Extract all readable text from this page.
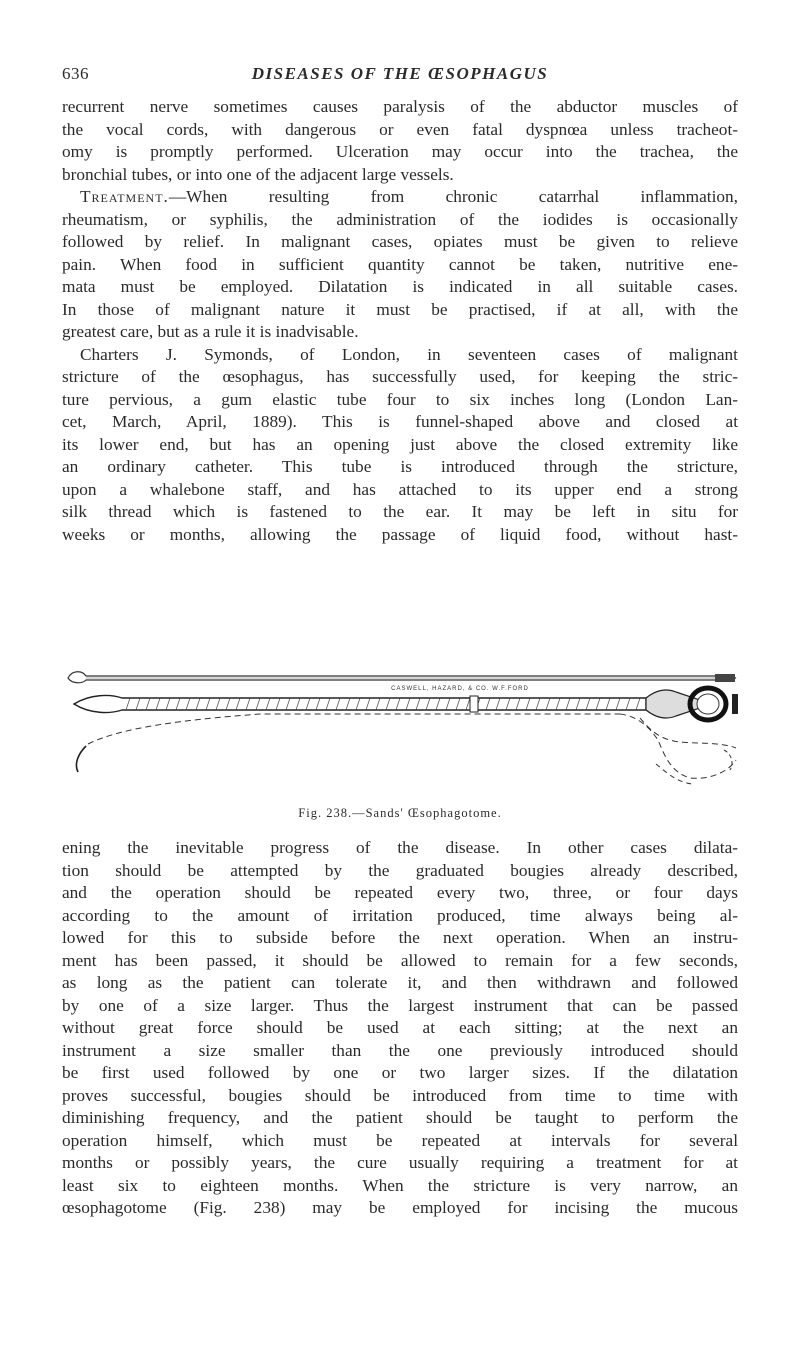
636	DISEASES OF THE ŒSOPHAGUS
recurrent nerve sometimes causes paralysis of the abductor muscles of
the vocal cords, with dangerous or even fatal dyspnœa unless tracheot-
omy is promptly performed. Ulceration may occur into the trachea, the
bronchial tubes, or into one of the adjacent large vessels.
Treatment.—When resulting from chronic catarrhal inflammation,
rheumatism, or syphilis, the administration of the iodides is occasionally
followed by relief. In malignant cases, opiates must be given to relieve
pain. When food in sufficient quantity cannot be taken, nutritive ene-
mata must be employed. Dilatation is indicated in all suitable cases.
In those of malignant nature it must be practised, if at all, with the
greatest care, but as a rule it is inadvisable.
Charters J. Symonds, of London, in seventeen cases of malignant
stricture of the œsophagus, has successfully used, for keeping the stric-
ture pervious, a gum elastic tube four to six inches long (London Lan-
cet, March, April, 1889). This is funnel-shaped above and closed at
its lower end, but has an opening just above the closed extremity like
an ordinary catheter. This tube is introduced through the stricture,
upon a whalebone staff, and has attached to its upper end a strong
silk thread which is fastened to the ear. It may be left in situ for
weeks or months, allowing the passage of liquid food, without hast-
CASWELL, HAZARD, & CO. W.F.FORD
Fig. 238.—Sands' Œsophagotome.
ening the inevitable progress of the disease. In other cases dilata-
tion should be attempted by the graduated bougies already described,
and the operation should be repeated every two, three, or four days
according to the amount of irritation produced, time always being al-
lowed for this to subside before the next operation. When an instru-
ment has been passed, it should be allowed to remain for a few seconds,
as long as the patient can tolerate it, and then withdrawn and followed
by one of a size larger. Thus the largest instrument that can be passed
without great force should be used at each sitting; at the next an
instrument a size smaller than the one previously introduced should
be first used followed by one or two larger sizes. If the dilatation
proves successful, bougies should be introduced from time to time with
diminishing frequency, and the patient should be taught to perform the
operation himself, which must be repeated at intervals for several
months or possibly years, the cure usually requiring a treatment for at
least six to eighteen months. When the stricture is very narrow, an
œsophagotome (Fig. 238) may be employed for incising the mucous
